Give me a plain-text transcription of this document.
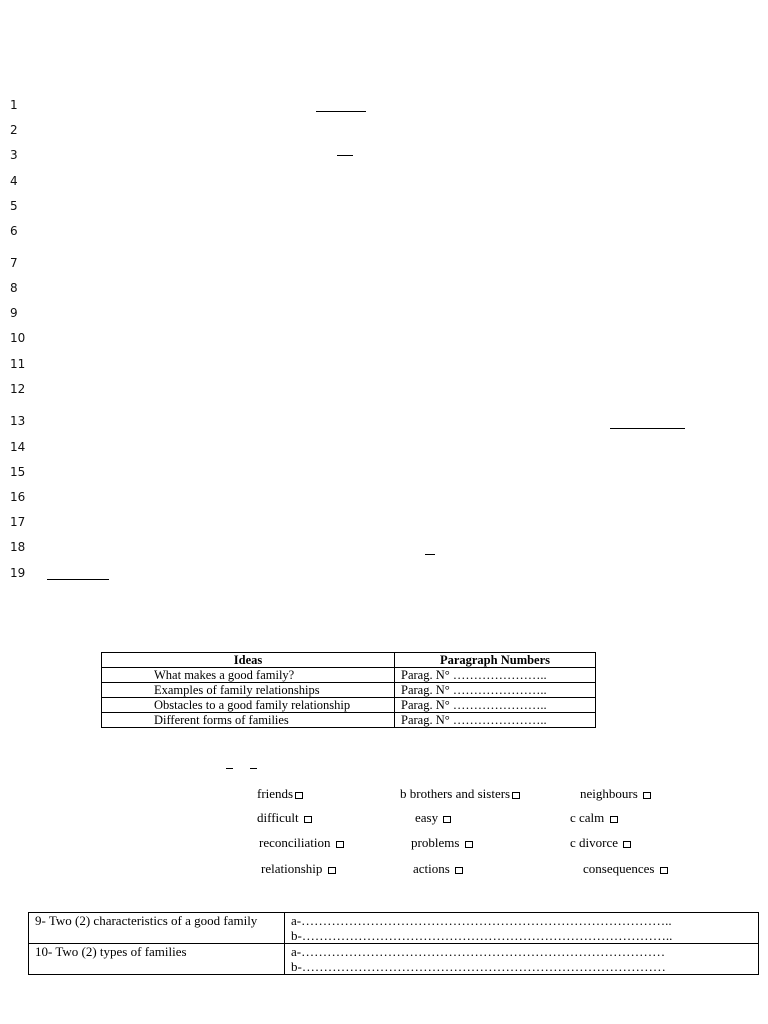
1
2
3
4
5
6
7
8
9
10
11
12
13
14
15
16
17
18
19
Ideas	Paragraph Numbers
What makes a good family?	Parag. N° …………………..
Examples of family relationships	Parag. N° …………………..
Obstacles to a good family relationship	Parag. N° …………………..
Different forms of families	Parag. N° …………………..
friends	b brothers and sisters	neighbours
difficult	easy	c calm
reconciliation	problems	c divorce
relationship	actions	consequences
9- Two (2) characteristics of a good family	a-…………………………………………………………………………..
b-…………………………………………………………………………..

10- Two (2) types of families	a-…………………………………………………………………………
b-…………………………………………………………………………
